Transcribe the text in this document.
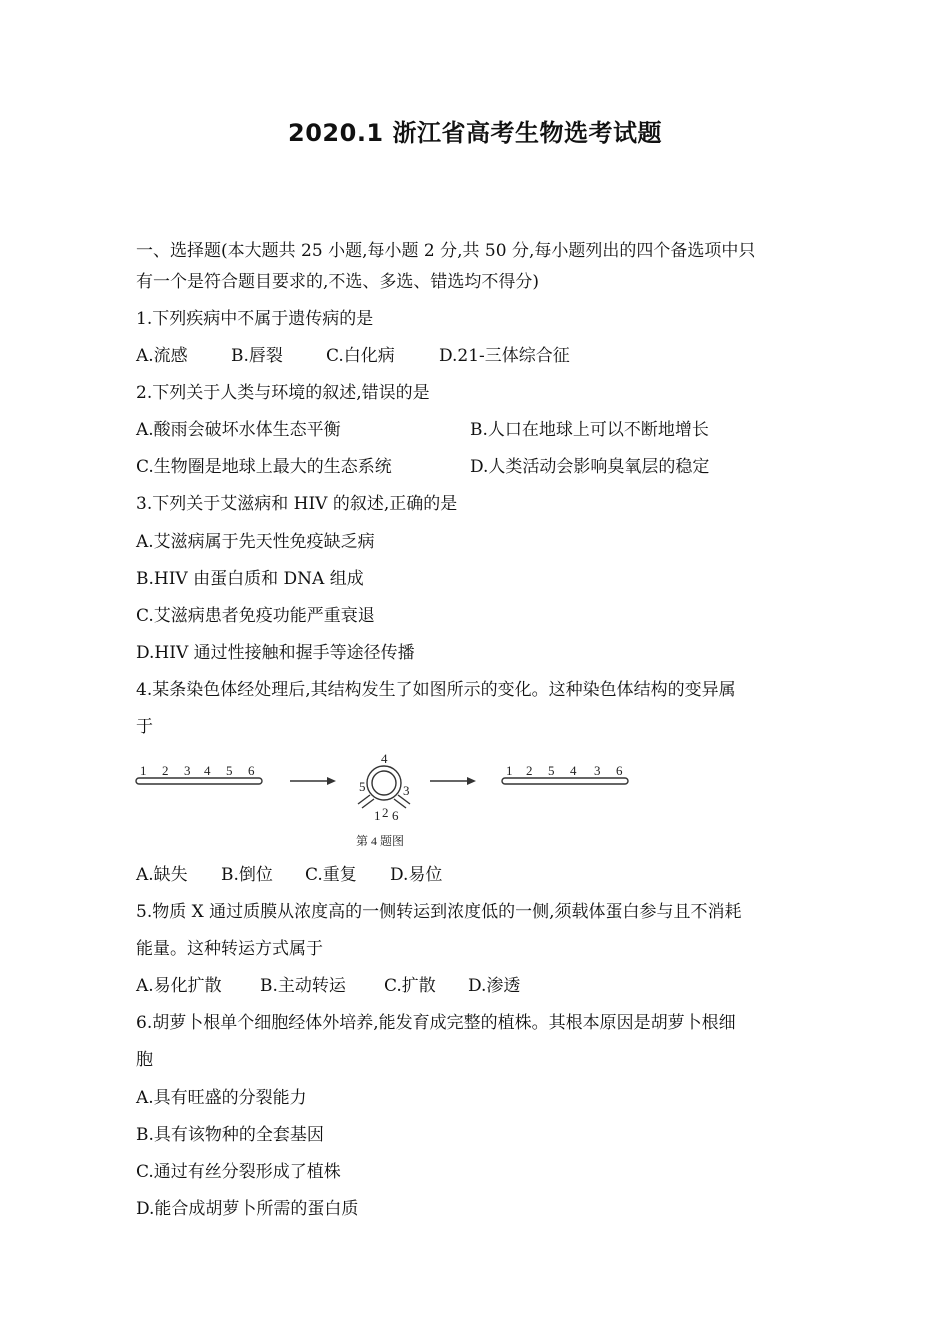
2020.1 浙江省高考生物选考试题
一、选择题(本大题共 25 小题,每小题 2 分,共 50 分,每小题列出的四个备选项中只
有一个是符合题目要求的,不选、多选、错选均不得分)
1.下列疾病中不属于遗传病的是
A.流感	B.唇裂	C.白化病	D.21-三体综合征
2.下列关于人类与环境的叙述,错误的是
A.酸雨会破坏水体生态平衡	B.人口在地球上可以不断地增长
C.生物圈是地球上最大的生态系统	D.人类活动会影响臭氧层的稳定
3.下列关于艾滋病和 HIV 的叙述,正确的是
A.艾滋病属于先天性免疫缺乏病
B.HIV 由蛋白质和 DNA 组成
C.艾滋病患者免疫功能严重衰退
D.HIV 通过性接触和握手等途径传播
4.某条染色体经处理后,其结构发生了如图所示的变化。这种染色体结构的变异属
于
1 2 3 4 5 6
4
5	3
2 6
1
第 4 题图
1 2 5 4 3 6
A.缺失 B.倒位 C.重复 D.易位
5.物质 X 通过质膜从浓度高的一侧转运到浓度低的一侧,须载体蛋白参与且不消耗
能量。这种转运方式属于
A.易化扩散 B.主动转运 C.扩散 D.渗透
6.胡萝卜根单个细胞经体外培养,能发育成完整的植株。其根本原因是胡萝卜根细
胞
A.具有旺盛的分裂能力
B.具有该物种的全套基因
C.通过有丝分裂形成了植株
D.能合成胡萝卜所需的蛋白质
